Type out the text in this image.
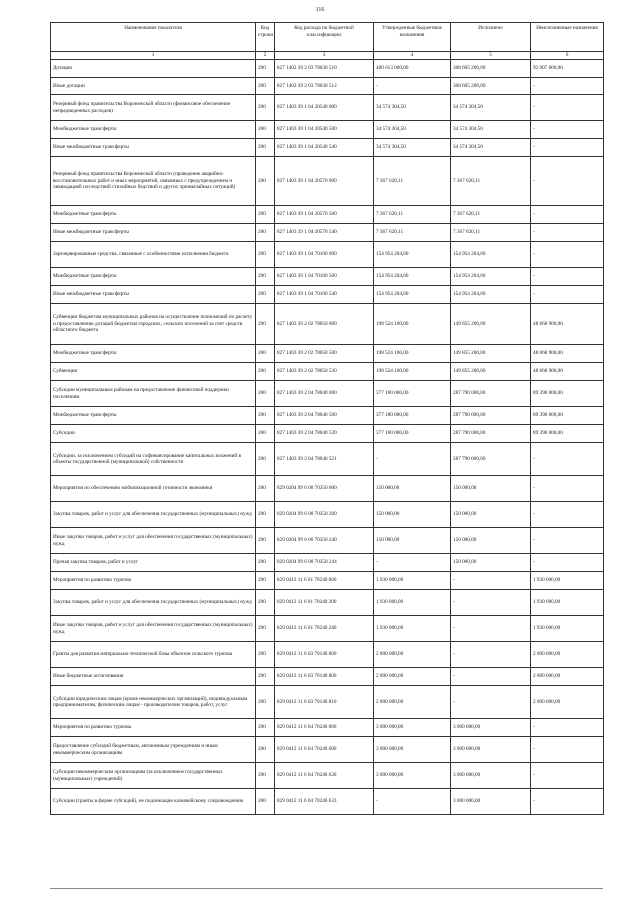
116
Наименование показателя	Код строки	Код расхода по бюджетной классификации	Утвержденные бюджетные назначения	Исполнено	Неисполненные назначения
1	2	3	4	5	6
Дотации	200	827 1402 39 2 03 78030 510	400 613 000,00	308 605 200,00	92 007 800,00
Иные дотации	200	827 1402 39 2 03 78030 512	-	308 605 200,00	-
Резервный фонд правительства Воронежской области (финансовое обеспечение непредвиденных расходов)	200	827 1403 39 1 04 20540 000	34 574 304,50	34 574 304,50	-
Межбюджетные трансферты	200	827 1403 39 1 04 20540 500	34 574 304,50	34 574 304,50	-
Иные межбюджетные трансферты	200	827 1403 39 1 04 20540 540	34 574 304,50	34 574 304,50	-
Резервный фонд правительства Воронежской области (проведение аварийно-восстановительных работ и иных мероприятий, связанных с предупреждением и ликвидацией последствий стихийных бедствий и других чрезвычайных ситуаций)	200	827 1403 39 1 04 20570 000	7 367 620,11	7 367 620,11	-
Межбюджетные трансферты	200	827 1403 39 1 04 20570 500	7 367 620,11	7 367 620,11	-
Иные межбюджетные трансферты	200	827 1403 39 1 04 20570 540	7 367 620,11	7 367 620,11	-
Зарезервированные средства, связанные с особенностями исполнения бюджета	200	827 1403 39 1 04 70100 000	154 954 204,60	154 954 204,60	-
Межбюджетные трансферты	200	827 1403 39 1 04 70100 500	154 954 204,60	154 954 204,60	-
Иные межбюджетные трансферты	200	827 1403 39 1 04 70100 540	154 954 204,60	154 954 204,60	-
Субвенции бюджетам муниципальных районов на осуществление полномочий по расчету и предоставлению дотаций бюджетам городских, сельских поселений за счет средств областного бюджета	200	827 1403 39 2 02 78050 000	198 524 100,00	149 855 200,00	48 668 900,00
Межбюджетные трансферты	200	827 1403 39 2 02 78050 500	198 524 100,00	149 855 200,00	48 668 900,00
Субвенции	200	827 1403 39 2 02 78050 530	198 524 100,00	149 855 200,00	48 668 900,00
Субсидии муниципальным районам на предоставление финансовой поддержки поселениям	200	827 1403 39 2 04 78040 000	377 180 000,00	287 790 000,00	89 390 000,00
Межбюджетные трансферты	200	827 1403 39 2 04 78040 500	377 180 000,00	287 790 000,00	89 390 000,00
Субсидии	200	827 1403 39 2 04 78040 520	377 180 000,00	287 790 000,00	89 390 000,00
Субсидии, за исключением субсидий на софинансирование капитальных вложений в объекты государственной (муниципальной) собственности	200	827 1403 39 2 04 78040 521	-	287 790 000,00	-
Мероприятия по обеспечению мобилизационной готовности экономики	200	829 0204 99 6 00 70350 000	150 000,00	150 000,00	-
Закупка товаров, работ и услуг для обеспечения государственных (муниципальных) нужд	200	829 0204 99 6 00 70350 200	150 000,00	150 000,00	-
Иные закупки товаров, работ и услуг для обеспечения государственных (муниципальных) нужд	200	829 0204 99 6 00 70350 240	150 000,00	150 000,00	-
Прочая закупка товаров, работ и услуг	200	829 0204 99 6 00 70350 244	-	150 000,00	-
Мероприятия по развитию туризма	200	829 0412 11 6 01 70240 000	1 930 000,00	-	1 930 000,00
Закупка товаров, работ и услуг для обеспечения государственных (муниципальных) нужд	200	829 0412 11 6 01 70240 200	1 930 000,00	-	1 930 000,00
Иные закупки товаров, работ и услуг для обеспечения государственных (муниципальных) нужд	200	829 0412 11 6 01 70240 240	1 930 000,00	-	1 930 000,00
Гранты для развития материально-технической базы объектов сельского туризма	200	829 0412 11 6 03 70140 000	2 000 000,00	-	2 000 000,00
Иные бюджетные ассигнования	200	829 0412 11 6 03 70140 800	2 000 000,00	-	2 000 000,00
Субсидии юридическим лицам (кроме некоммерческих организаций), индивидуальным предпринимателям, физическим лицам - производителям товаров, работ, услуг	200	829 0412 11 6 03 70140 810	2 000 000,00	-	2 000 000,00
Мероприятия по развитию туризма	200	829 0412 11 6 04 70240 000	3 000 000,00	3 000 000,00	-
Предоставление субсидий бюджетным, автономным учреждениям и иным некоммерческим организациям	200	829 0412 11 6 04 70240 600	3 000 000,00	3 000 000,00	-
Субсидии некоммерческим организациям (за исключением государственных (муниципальных) учреждений)	200	829 0412 11 6 04 70240 630	3 000 000,00	3 000 000,00	-
Субсидии (гранты в форме субсидий), не подлежащие казначейскому сопровождению	200	829 0412 11 6 04 70240 633	-	3 000 000,00	-
